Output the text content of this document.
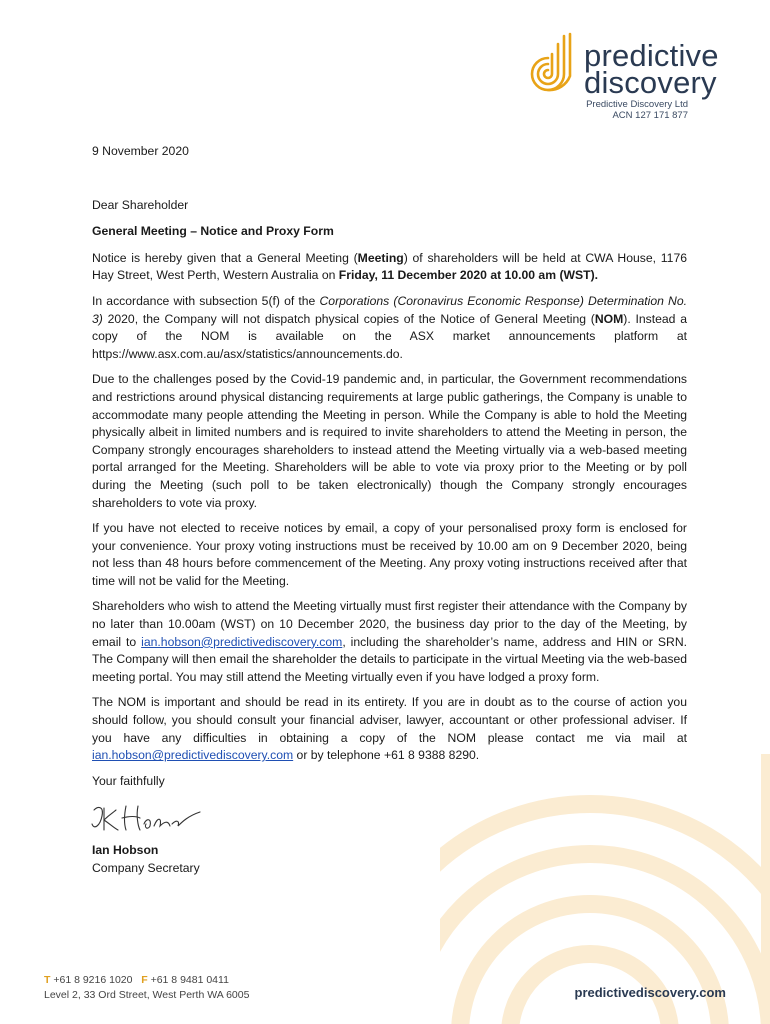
predictive
discovery
Predictive Discovery Ltd
ACN 127 171 877

9 November 2020

Dear Shareholder

General Meeting – Notice and Proxy Form

Notice is hereby given that a General Meeting (Meeting) of shareholders will be held at CWA House, 1176 Hay Street, West Perth, Western Australia on Friday, 11 December 2020 at 10.00 am (WST).

In accordance with subsection 5(f) of the Corporations (Coronavirus Economic Response) Determination No. 3) 2020, the Company will not dispatch physical copies of the Notice of General Meeting (NOM). Instead a copy of the NOM is available on the ASX market announcements platform at https://www.asx.com.au/asx/statistics/announcements.do.

Due to the challenges posed by the Covid-19 pandemic and, in particular, the Government recommendations and restrictions around physical distancing requirements at large public gatherings, the Company is unable to accommodate many people attending the Meeting in person. While the Company is able to hold the Meeting physically albeit in limited numbers and is required to invite shareholders to attend the Meeting in person, the Company strongly encourages shareholders to instead attend the Meeting virtually via a web-based meeting portal arranged for the Meeting. Shareholders will be able to vote via proxy prior to the Meeting or by poll during the Meeting (such poll to be taken electronically) though the Company strongly encourages shareholders to vote via proxy.

If you have not elected to receive notices by email, a copy of your personalised proxy form is enclosed for your convenience. Your proxy voting instructions must be received by 10.00 am on 9 December 2020, being not less than 48 hours before commencement of the Meeting. Any proxy voting instructions received after that time will not be valid for the Meeting.

Shareholders who wish to attend the Meeting virtually must first register their attendance with the Company by no later than 10.00am (WST) on 10 December 2020, the business day prior to the day of the Meeting, by email to ian.hobson@predictivediscovery.com, including the shareholder’s name, address and HIN or SRN. The Company will then email the shareholder the details to participate in the virtual Meeting via the web-based meeting portal. You may still attend the Meeting virtually even if you have lodged a proxy form.

The NOM is important and should be read in its entirety. If you are in doubt as to the course of action you should follow, you should consult your financial adviser, lawyer, accountant or other professional adviser. If you have any difficulties in obtaining a copy of the NOM please contact me via mail at ian.hobson@predictivediscovery.com or by telephone +61 8 9388 8290.

Your faithfully

Ian Hobson

Company Secretary

T +61 8 9216 1020 F +61 8 9481 0411
Level 2, 33 Ord Street, West Perth WA 6005	predictivediscovery.com
